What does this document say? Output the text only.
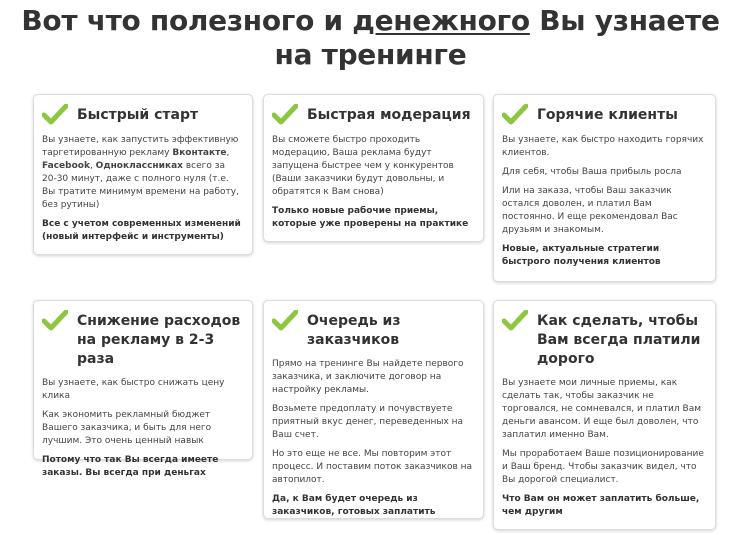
Вот что полезного и денежного Вы узнаете
на тренинге
Быстрый старт
Вы узнаете, как запустить эффективную таргетированную рекламу Вконтакте, Facebook, Одноклассниках всего за 20-30 минут, даже с полного нуля (т.е. Вы тратите минимум времени на работу, без рутины)
Все с учетом современных изменений (новый интерфейс и инструменты)
Быстрая модерация
Вы сможете быстро проходить модерацию, Ваша реклама будут запущена быстрее чем у конкурентов (Ваши заказчики будут довольны, и обратятся к Вам снова)
Только новые рабочие приемы, которые уже проверены на практике
Горячие клиенты
Вы узнаете, как быстро находить горячих клиентов.
Для себя, чтобы Ваша прибыль росла
Или на заказа, чтобы Ваш заказчик остался доволен, и платил Вам постоянно. И еще рекомендовал Вас друзьям и знакомым.
Новые, актуальные стратегии быстрого получения клиентов
Снижение расходов на рекламу в 2-3 раза
Вы узнаете, как быстро снижать цену клика
Как экономить рекламный бюджет Вашего заказчика, и быть для него лучшим. Это очень ценный навык
Потому что так Вы всегда имеете заказы. Вы всегда при деньгах
Очередь из заказчиков
Прямо на тренинге Вы найдете первого заказчика, и заключите договор на настройку рекламы.
Возьмете предоплату и почувствуете приятный вкус денег, переведенных на Ваш счет.
Но это еще не все. Мы повторим этот процесс. И поставим поток заказчиков на автопилот.
Да, к Вам будет очередь из заказчиков, готовых заплатить
Как сделать, чтобы Вам всегда платили дорого
Вы узнаете мои личные приемы, как сделать так, чтобы заказчик не торговался, не сомневался, и платил Вам деньги авансом. И еще был доволен, что заплатил именно Вам.
Мы проработаем Ваше позиционирование и Ваш бренд. Чтобы заказчик видел, что Вы дорогой специалист.
Что Вам он может заплатить больше, чем другим
